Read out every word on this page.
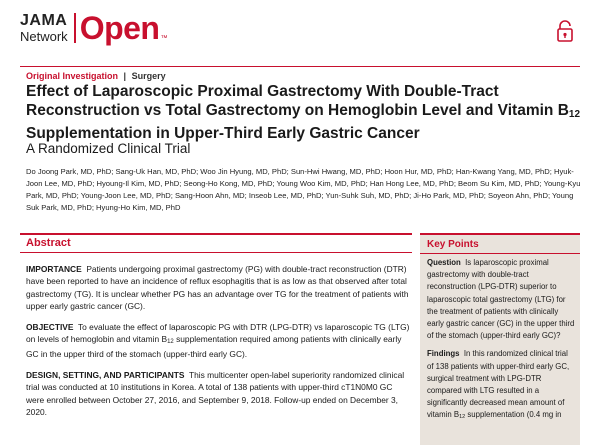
JAMA
Network Open ™
Original Investigation | Surgery
Effect of Laparoscopic Proximal Gastrectomy With Double-Tract Reconstruction vs Total Gastrectomy on Hemoglobin Level and Vitamin $B_{12}$ Supplementation in Upper-Third Early Gastric Cancer
A Randomized Clinical Trial
Do Joong Park, MD, PhD; Sang-Uk Han, MD, PhD; Woo Jin Hyung, MD, PhD; Sun-Hwi Hwang, MD, PhD; Hoon Hur, MD, PhD; Han-Kwang Yang, MD, PhD; Hyuk-Joon Lee, MD, PhD; Hyoung-Il Kim, MD, PhD; Seong-Ho Kong, MD, PhD; Young Woo Kim, MD, PhD; Han Hong Lee, MD, PhD; Beom Su Kim, MD, PhD; Young-Kyu Park, MD, PhD; Young-Joon Lee, MD, PhD; Sang-Hoon Ahn, MD; Inseob Lee, MD, PhD; Yun-Suhk Suh, MD, PhD; Ji-Ho Park, MD, PhD; Soyeon Ahn, PhD; Young Suk Park, MD, PhD; Hyung-Ho Kim, MD, PhD
Abstract

IMPORTANCE Patients undergoing proximal gastrectomy (PG) with double-tract reconstruction (DTR) have been reported to have an incidence of reflux esophagitis that is as low as that observed after total gastrectomy (TG). It is unclear whether PG has an advantage over TG for the treatment of patients with upper early gastric cancer (GC).

OBJECTIVE To evaluate the effect of laparoscopic PG with DTR (LPG-DTR) vs laparoscopic TG (LTG) on levels of hemoglobin and vitamin $B_{12}$ supplementation required among patients with clinically early GC in the upper third of the stomach (upper-third early GC).

DESIGN, SETTING, AND PARTICIPANTS This multicenter open-label superiority randomized clinical trial was conducted at 10 institutions in Korea. A total of 138 patients with upper-third cT1N0M0 GC were enrolled between October 27, 2016, and September 9, 2018. Follow-up ended on December 3, 2020.

Key Points

Question Is laparoscopic proximal gastrectomy with double-tract reconstruction (LPG-DTR) superior to laparoscopic total gastrectomy (LTG) for the treatment of patients with clinically early gastric cancer (GC) in the upper third of the stomach (upper-third early GC)?

Findings In this randomized clinical trial of 138 patients with upper-third early GC, surgical treatment with LPG-DTR compared with LTG resulted in a significantly decreased mean amount of vitamin $B_{12}$ supplementation (0.4 mg in
